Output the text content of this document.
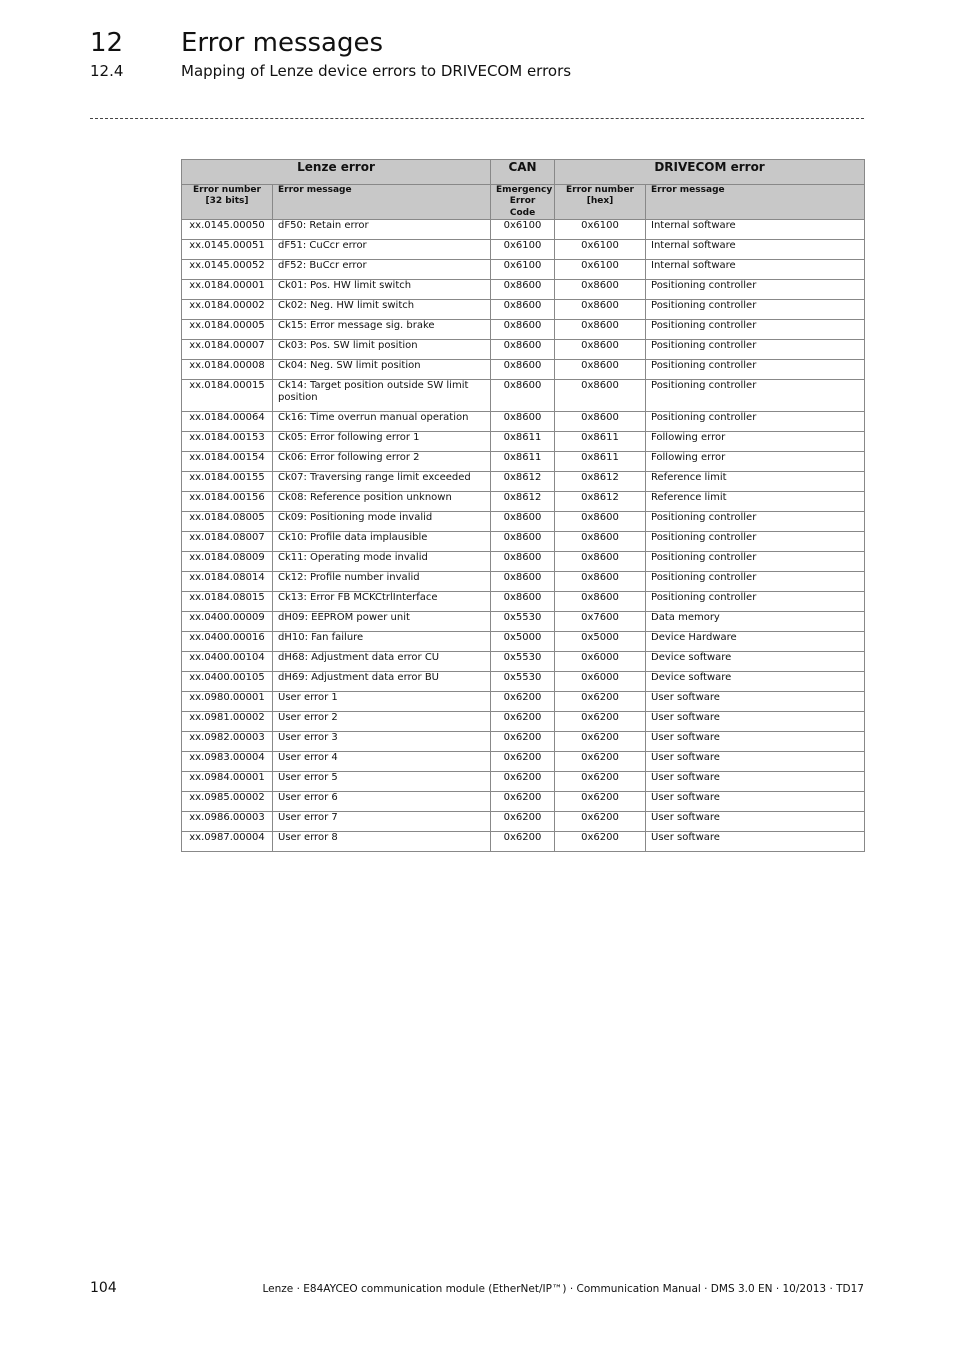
12 Error messages
12.4	Mapping of Lenze device errors to DRIVECOM errors
Lenze error		CAN	DRIVECOM error	
Error number [32 bits]	Error message	Emergency Error Code	Error number [hex]	Error message
xx.0145.00050	dF50: Retain error	0x6100	0x6100	Internal software
xx.0145.00051	dF51: CuCcr error	0x6100	0x6100	Internal software
xx.0145.00052	dF52: BuCcr error	0x6100	0x6100	Internal software
xx.0184.00001	Ck01: Pos. HW limit switch	0x8600	0x8600	Positioning controller
xx.0184.00002	Ck02: Neg. HW limit switch	0x8600	0x8600	Positioning controller
xx.0184.00005	Ck15: Error message sig. brake	0x8600	0x8600	Positioning controller
xx.0184.00007	Ck03: Pos. SW limit position	0x8600	0x8600	Positioning controller
xx.0184.00008	Ck04: Neg. SW limit position	0x8600	0x8600	Positioning controller
xx.0184.00015	Ck14: Target position outside SW limit position	0x8600	0x8600	Positioning controller
xx.0184.00064	Ck16: Time overrun manual operation	0x8600	0x8600	Positioning controller
xx.0184.00153	Ck05: Error following error 1	0x8611	0x8611	Following error
xx.0184.00154	Ck06: Error following error 2	0x8611	0x8611	Following error
xx.0184.00155	Ck07: Traversing range limit exceeded	0x8612	0x8612	Reference limit
xx.0184.00156	Ck08: Reference position unknown	0x8612	0x8612	Reference limit
xx.0184.08005	Ck09: Positioning mode invalid	0x8600	0x8600	Positioning controller
xx.0184.08007	Ck10: Profile data implausible	0x8600	0x8600	Positioning controller
xx.0184.08009	Ck11: Operating mode invalid	0x8600	0x8600	Positioning controller
xx.0184.08014	Ck12: Profile number invalid	0x8600	0x8600	Positioning controller
xx.0184.08015	Ck13: Error FB MCKCtrlInterface	0x8600	0x8600	Positioning controller
xx.0400.00009	dH09: EEPROM power unit	0x5530	0x7600	Data memory
xx.0400.00016	dH10: Fan failure	0x5000	0x5000	Device Hardware
xx.0400.00104	dH68: Adjustment data error CU	0x5530	0x6000	Device software
xx.0400.00105	dH69: Adjustment data error BU	0x5530	0x6000	Device software
xx.0980.00001	User error 1	0x6200	0x6200	User software
xx.0981.00002	User error 2	0x6200	0x6200	User software
xx.0982.00003	User error 3	0x6200	0x6200	User software
xx.0983.00004	User error 4	0x6200	0x6200	User software
xx.0984.00001	User error 5	0x6200	0x6200	User software
xx.0985.00002	User error 6	0x6200	0x6200	User software
xx.0986.00003	User error 7	0x6200	0x6200	User software
xx.0987.00004	User error 8	0x6200	0x6200	User software
104	Lenze · E84AYCEO communication module (EtherNet/IP™) · Communication Manual · DMS 3.0 EN · 10/2013 · TD17
